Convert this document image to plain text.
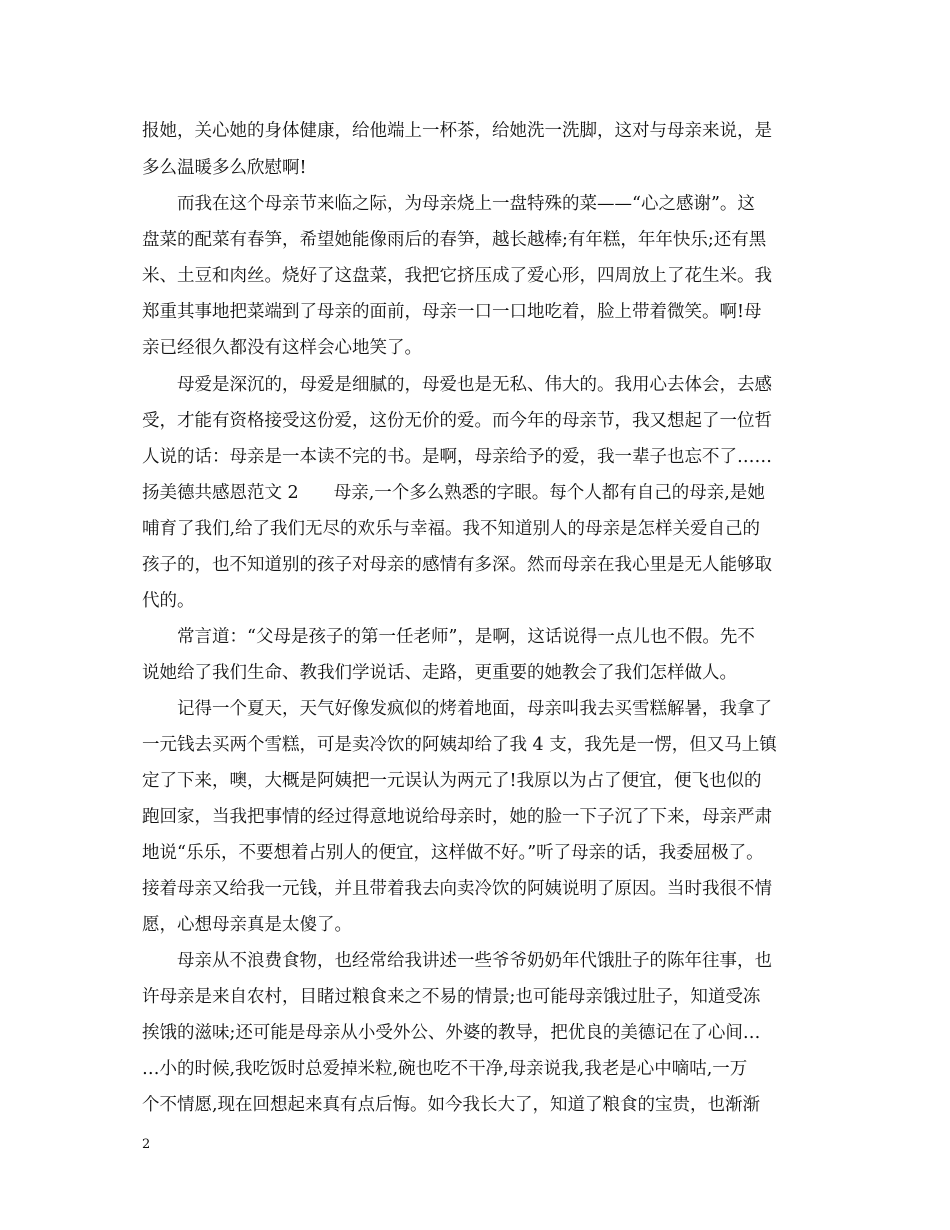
报她，关心她的身体健康，给他端上一杯茶，给她洗一洗脚，这对与母亲来说，是
多么温暖多么欣慰啊!
而我在这个母亲节来临之际，为母亲烧上一盘特殊的菜——“心之感谢”。这
盘菜的配菜有春笋，希望她能像雨后的春笋，越长越棒;有年糕，年年快乐;还有黑
米、土豆和肉丝。烧好了这盘菜，我把它挤压成了爱心形，四周放上了花生米。我
郑重其事地把菜端到了母亲的面前，母亲一口一口地吃着，脸上带着微笑。啊!母
亲已经很久都没有这样会心地笑了。
母爱是深沉的，母爱是细腻的，母爱也是无私、伟大的。我用心去体会，去感
受，才能有资格接受这份爱，这份无价的爱。而今年的母亲节，我又想起了一位哲
人说的话：母亲是一本读不完的书。是啊，母亲给予的爱，我一辈子也忘不了……
扬美德共感恩范文 2　　母亲,一个多么熟悉的字眼。每个人都有自己的母亲,是她
哺育了我们,给了我们无尽的欢乐与幸福。我不知道别人的母亲是怎样关爱自己的
孩子的，也不知道别的孩子对母亲的感情有多深。然而母亲在我心里是无人能够取
代的。
常言道：“父母是孩子的第一任老师”，是啊，这话说得一点儿也不假。先不
说她给了我们生命、教我们学说话、走路，更重要的她教会了我们怎样做人。
记得一个夏天，天气好像发疯似的烤着地面，母亲叫我去买雪糕解暑，我拿了
一元钱去买两个雪糕，可是卖冷饮的阿姨却给了我 4 支，我先是一愣，但又马上镇
定了下来，噢，大概是阿姨把一元误认为两元了!我原以为占了便宜，便飞也似的
跑回家，当我把事情的经过得意地说给母亲时，她的脸一下子沉了下来，母亲严肃
地说“乐乐，不要想着占别人的便宜，这样做不好。”听了母亲的话，我委屈极了。
接着母亲又给我一元钱，并且带着我去向卖冷饮的阿姨说明了原因。当时我很不情
愿，心想母亲真是太傻了。
母亲从不浪费食物，也经常给我讲述一些爷爷奶奶年代饿肚子的陈年往事，也
许母亲是来自农村，目睹过粮食来之不易的情景;也可能母亲饿过肚子，知道受冻
挨饿的滋味;还可能是母亲从小受外公、外婆的教导，把优良的美德记在了心间…
…小的时候,我吃饭时总爱掉米粒,碗也吃不干净,母亲说我,我老是心中嘀咕,一万
个不情愿,现在回想起来真有点后悔。如今我长大了，知道了粮食的宝贵，也渐渐
2
